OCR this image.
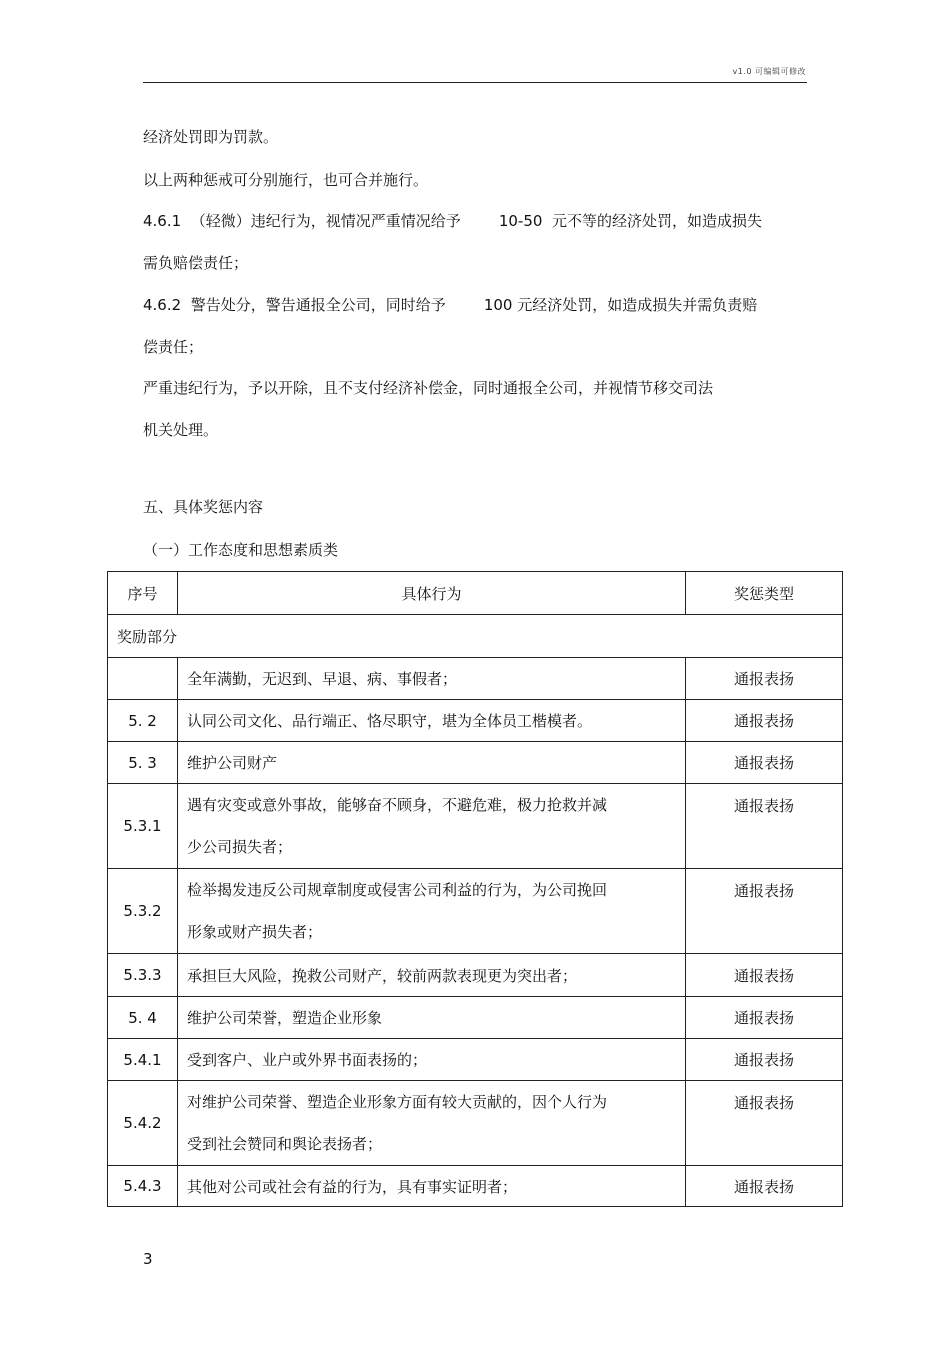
v1.0 可编辑可修改
经济处罚即为罚款。
以上两种惩戒可分别施行，也可合并施行。
4.6.1  （轻微）违纪行为，视情况严重情况给予        10-50  元不等的经济处罚，如造成损失
需负赔偿责任；
4.6.2  警告处分，警告通报全公司，同时给予        100 元经济处罚，如造成损失并需负责赔
偿责任；
严重违纪行为，予以开除，且不支付经济补偿金，同时通报全公司，并视情节移交司法
机关处理。
五、具体奖惩内容
（一）工作态度和思想素质类
序号	具体行为	奖惩类型
奖励部分		
	全年满勤，无迟到、早退、病、事假者；	通报表扬
5. 2	认同公司文化、品行端正、恪尽职守，堪为全体员工楷模者。	通报表扬
5. 3	维护公司财产	通报表扬
5.3.1	遇有灾变或意外事故，能够奋不顾身，不避危难，极力抢救并减
少公司损失者；	通报表扬
5.3.2	检举揭发违反公司规章制度或侵害公司利益的行为，为公司挽回
形象或财产损失者；	通报表扬
5.3.3	承担巨大风险，挽救公司财产，较前两款表现更为突出者；	通报表扬
5. 4	维护公司荣誉，塑造企业形象	通报表扬
5.4.1	受到客户、业户或外界书面表扬的；	通报表扬
5.4.2	对维护公司荣誉、塑造企业形象方面有较大贡献的，因个人行为
受到社会赞同和舆论表扬者；	通报表扬
5.4.3	其他对公司或社会有益的行为，具有事实证明者；	通报表扬
3
